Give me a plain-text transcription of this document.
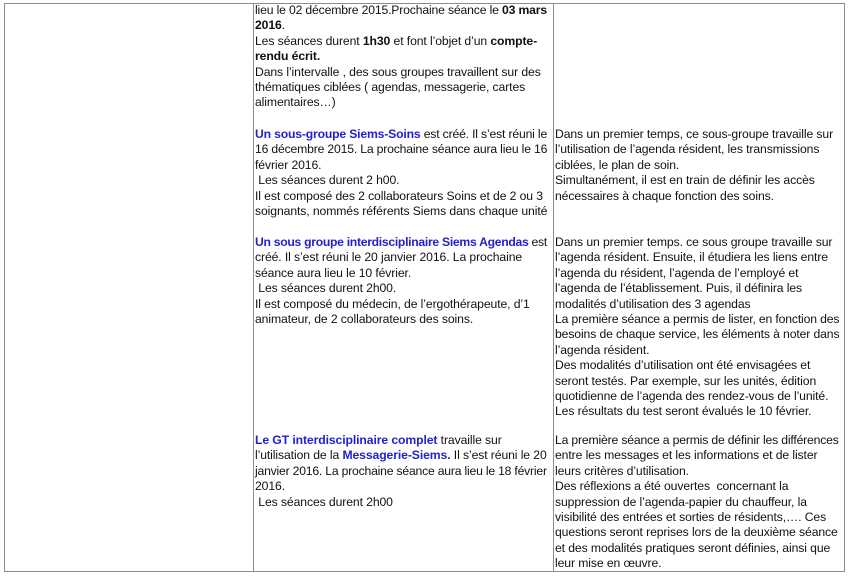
lieu le 02 décembre 2015.Prochaine séance le 03 mars
2016.
Les séances durent 1h30 et font l’objet d’un compte-
rendu écrit.
Dans l’intervalle , des sous groupes travaillent sur des
thématiques ciblées ( agendas, messagerie, cartes
alimentaires…)
Un sous-groupe Siems-Soins est créé. Il s’est réuni le
16 décembre 2015. La prochaine séance aura lieu le 16
février 2016.
Les séances durent 2 h00.
Il est composé des 2 collaborateurs Soins et de 2 ou 3
soignants, nommés référents Siems dans chaque unité
Dans un premier temps, ce sous-groupe travaille sur
l’utilisation de l’agenda résident, les transmissions
ciblées, le plan de soin.
Simultanément, il est en train de définir les accès
nécessaires à chaque fonction des soins.
Un sous groupe interdisciplinaire Siems Agendas est
créé. Il s’est réuni le 20 janvier 2016. La prochaine
séance aura lieu le 10 février.
Les séances durent 2h00.
Il est composé du médecin, de l’ergothérapeute, d’1
animateur, de 2 collaborateurs des soins.
Dans un premier temps. ce sous groupe travaille sur
l’agenda résident. Ensuite, il étudiera les liens entre
l’agenda du résident, l’agenda de l’employé et
l’agenda de l’établissement. Puis, il définira les
modalités d’utilisation des 3 agendas
La première séance a permis de lister, en fonction des
besoins de chaque service, les éléments à noter dans
l’agenda résident.
Des modalités d’utilisation ont été envisagées et
seront testés. Par exemple, sur les unités, édition
quotidienne de l’agenda des rendez-vous de l’unité.
Les résultats du test seront évalués le 10 février.
Le GT interdisciplinaire complet travaille sur
l’utilisation de la Messagerie-Siems. Il s’est réuni le 20
janvier 2016. La prochaine séance aura lieu le 18 février
2016.
Les séances durent 2h00
La première séance a permis de définir les différences
entre les messages et les informations et de lister
leurs critères d’utilisation.
Des réflexions a été ouvertes  concernant la
suppression de l’agenda-papier du chauffeur, la
visibilité des entrées et sorties de résidents,…. Ces
questions seront reprises lors de la deuxième séance
et des modalités pratiques seront définies, ainsi que
leur mise en œuvre.
